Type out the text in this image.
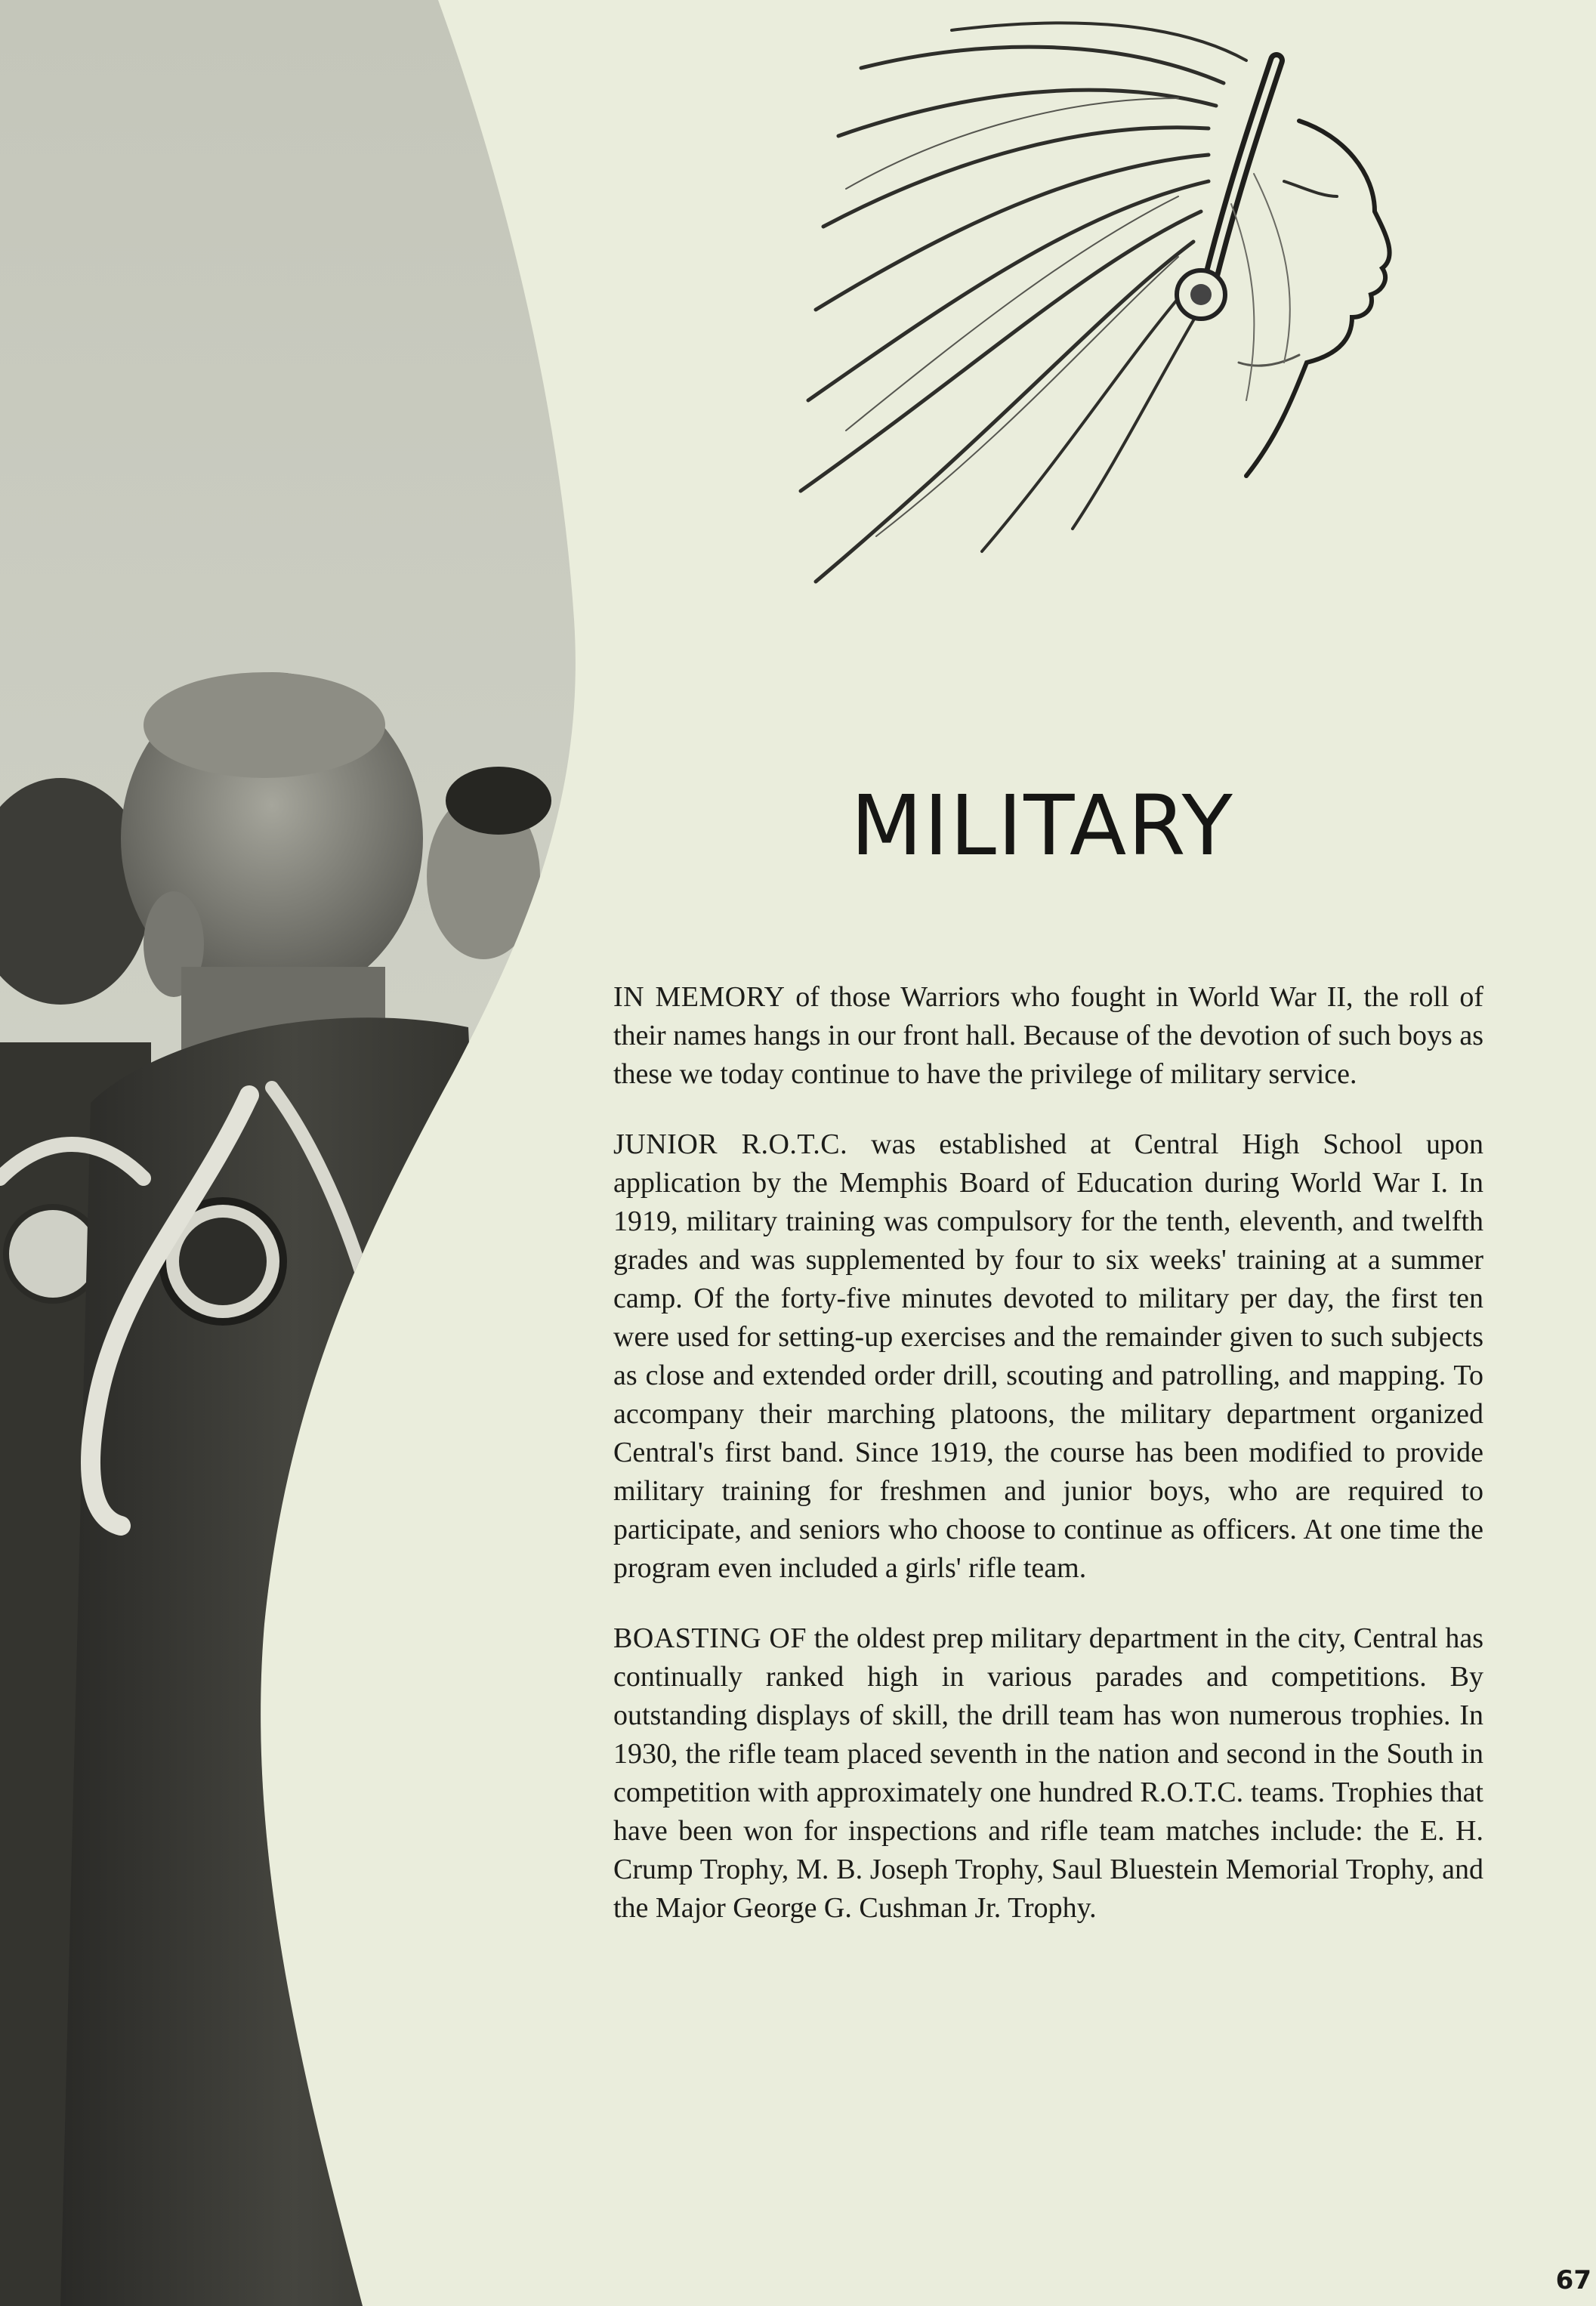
MILITARY

IN MEMORY of those Warriors who fought in World War II, the roll of their names hangs in our front hall. Because of the devotion of such boys as these we today continue to have the privilege of military service.

JUNIOR R.O.T.C. was established at Central High School upon application by the Memphis Board of Education during World War I. In 1919, military training was compulsory for the tenth, eleventh, and twelfth grades and was supplemented by four to six weeks' training at a summer camp. Of the forty-five minutes devoted to military per day, the first ten were used for setting-up exercises and the remainder given to such subjects as close and extended order drill, scouting and patrolling, and mapping. To accompany their marching platoons, the military department organized Central's first band. Since 1919, the course has been modified to provide military training for freshmen and junior boys, who are required to participate, and seniors who choose to continue as officers. At one time the program even included a girls' rifle team.

BOASTING OF the oldest prep military department in the city, Central has continually ranked high in various parades and competitions. By outstanding displays of skill, the drill team has won numerous trophies. In 1930, the rifle team placed seventh in the nation and second in the South in competition with approximately one hundred R.O.T.C. teams. Trophies that have been won for inspections and rifle team matches include: the E. H. Crump Trophy, M. B. Joseph Trophy, Saul Bluestein Memorial Trophy, and the Major George G. Cushman Jr. Trophy.

67
